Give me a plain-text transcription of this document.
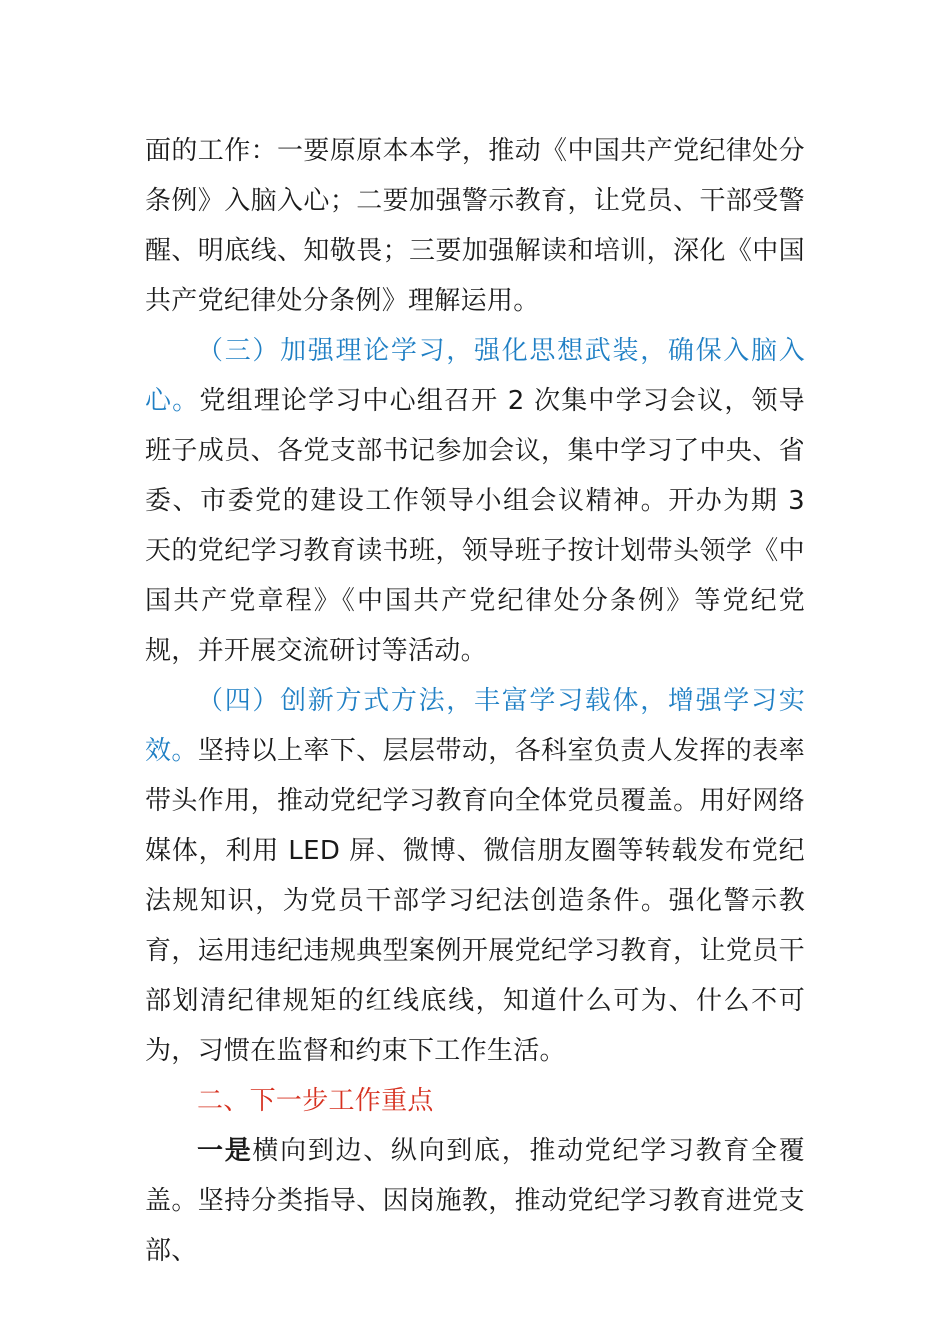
面的工作：一要原原本本学，推动《中国共产党纪律处分条例》入脑入心；二要加强警示教育，让党员、干部受警醒、明底线、知敬畏；三要加强解读和培训，深化《中国共产党纪律处分条例》理解运用。

（三）加强理论学习，强化思想武装，确保入脑入心。党组理论学习中心组召开 2 次集中学习会议，领导班子成员、各党支部书记参加会议，集中学习了中央、省委、市委党的建设工作领导小组会议精神。开办为期 3 天的党纪学习教育读书班，领导班子按计划带头领学《中国共产党章程》《中国共产党纪律处分条例》等党纪党规，并开展交流研讨等活动。

（四）创新方式方法，丰富学习载体，增强学习实效。坚持以上率下、层层带动，各科室负责人发挥的表率带头作用，推动党纪学习教育向全体党员覆盖。用好网络媒体，利用 LED 屏、微博、微信朋友圈等转载发布党纪法规知识，为党员干部学习纪法创造条件。强化警示教育，运用违纪违规典型案例开展党纪学习教育，让党员干部划清纪律规矩的红线底线，知道什么可为、什么不可为，习惯在监督和约束下工作生活。

二、下一步工作重点

一是横向到边、纵向到底，推动党纪学习教育全覆盖。坚持分类指导、因岗施教，推动党纪学习教育进党支部、
